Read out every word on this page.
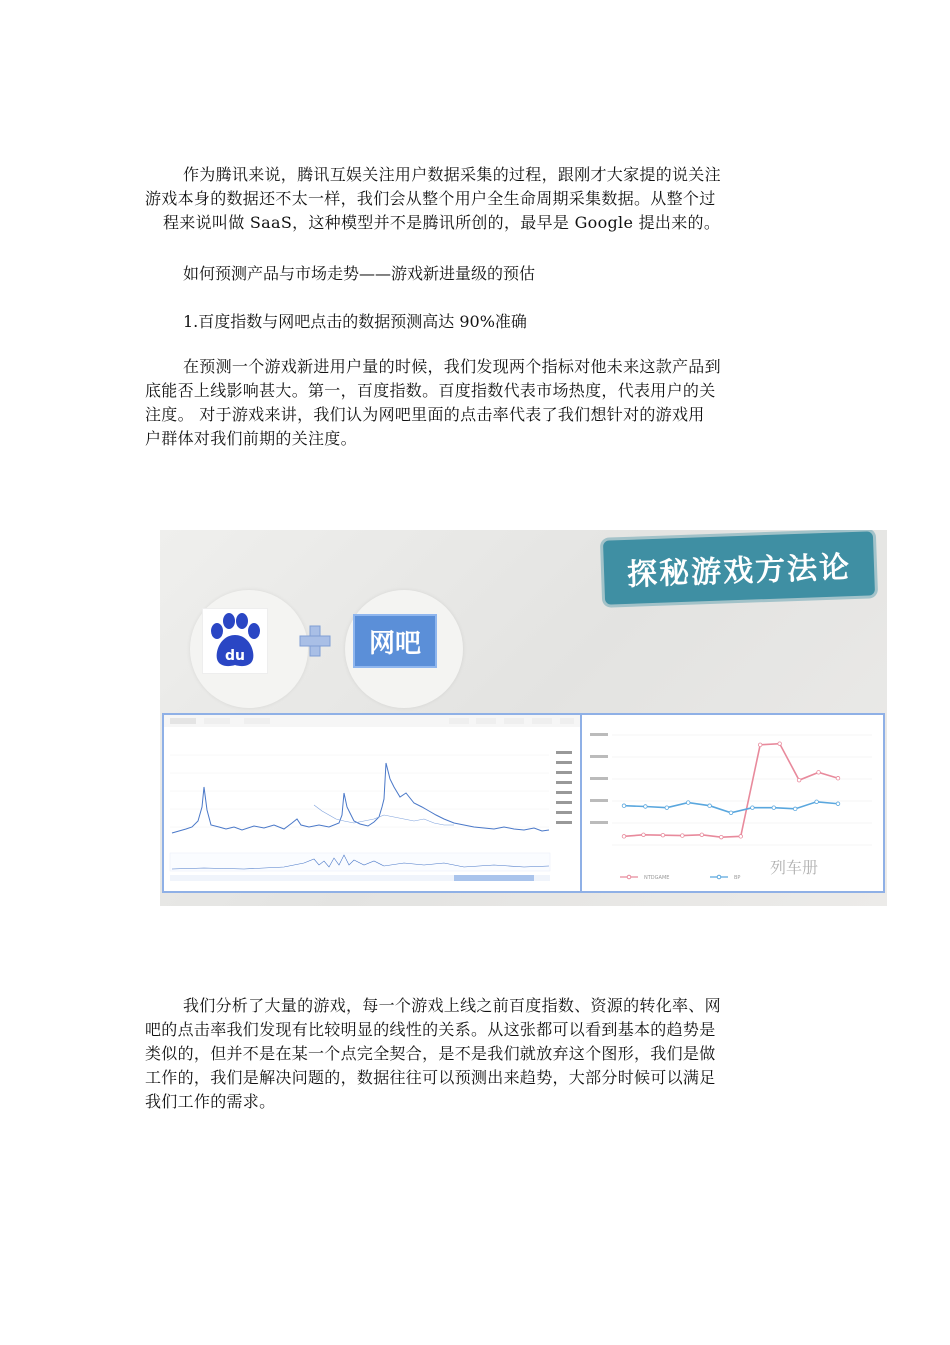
作为腾讯来说，腾讯互娱关注用户数据采集的过程，跟刚才大家提的说关注
游戏本身的数据还不太一样，我们会从整个用户全生命周期采集数据。从整个过
程来说叫做 SaaS，这种模型并不是腾讯所创的，最早是 Google 提出来的。
如何预测产品与市场走势——游戏新进量级的预估
1.百度指数与网吧点击的数据预测高达 90%准确
在预测一个游戏新进用户量的时候，我们发现两个指标对他未来这款产品到
底能否上线影响甚大。第一，百度指数。百度指数代表市场热度，代表用户的关
注度。 对于游戏来讲，我们认为网吧里面的点击率代表了我们想针对的游戏用
户群体对我们前期的关注度。
探秘游戏方法论
du	网吧
NTDGAME	BP
列车册
我们分析了大量的游戏，每一个游戏上线之前百度指数、资源的转化率、网
吧的点击率我们发现有比较明显的线性的关系。从这张都可以看到基本的趋势是
类似的，但并不是在某一个点完全契合，是不是我们就放弃这个图形，我们是做
工作的，我们是解决问题的，数据往往可以预测出来趋势，大部分时候可以满足
我们工作的需求。
